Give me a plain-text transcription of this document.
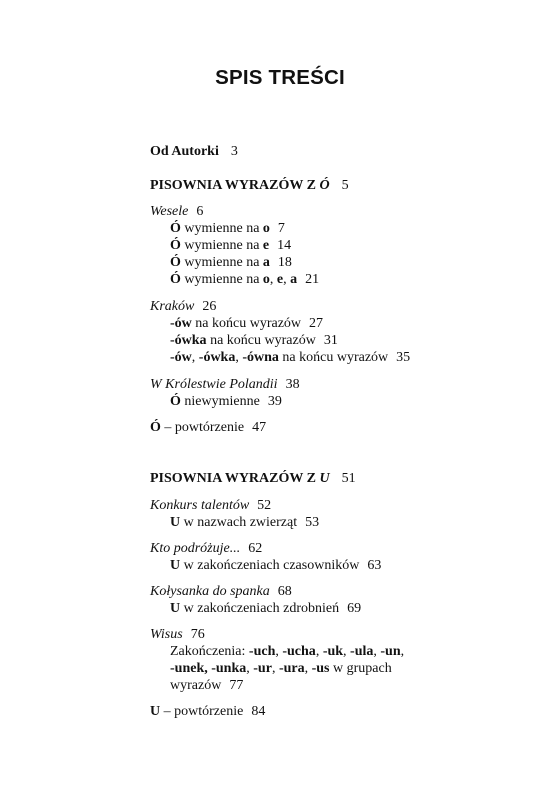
SPIS TREŚCI
Od Autorki 3
PISOWNIA WYRAZÓW Z Ó 5
Wesele 6
Ó wymienne na o 7
Ó wymienne na e 14
Ó wymienne na a 18
Ó wymienne na o, e, a 21
Kraków 26
-ów na końcu wyrazów 27
-ówka na końcu wyrazów 31
-ów, -ówka, -ówna na końcu wyrazów 35
W Królestwie Polandii 38
Ó niewymienne 39
Ó – powtórzenie 47
PISOWNIA WYRAZÓW Z U 51
Konkurs talentów 52
U w nazwach zwierząt 53
Kto podróżuje... 62
U w zakończeniach czasowników 63
Kołysanka do spanka 68
U w zakończeniach zdrobnień 69
Wisus 76
Zakończenia: -uch, -ucha, -uk, -ula, -un,
-unek, -unka, -ur, -ura, -us w grupach
wyrazów 77
U – powtórzenie 84
